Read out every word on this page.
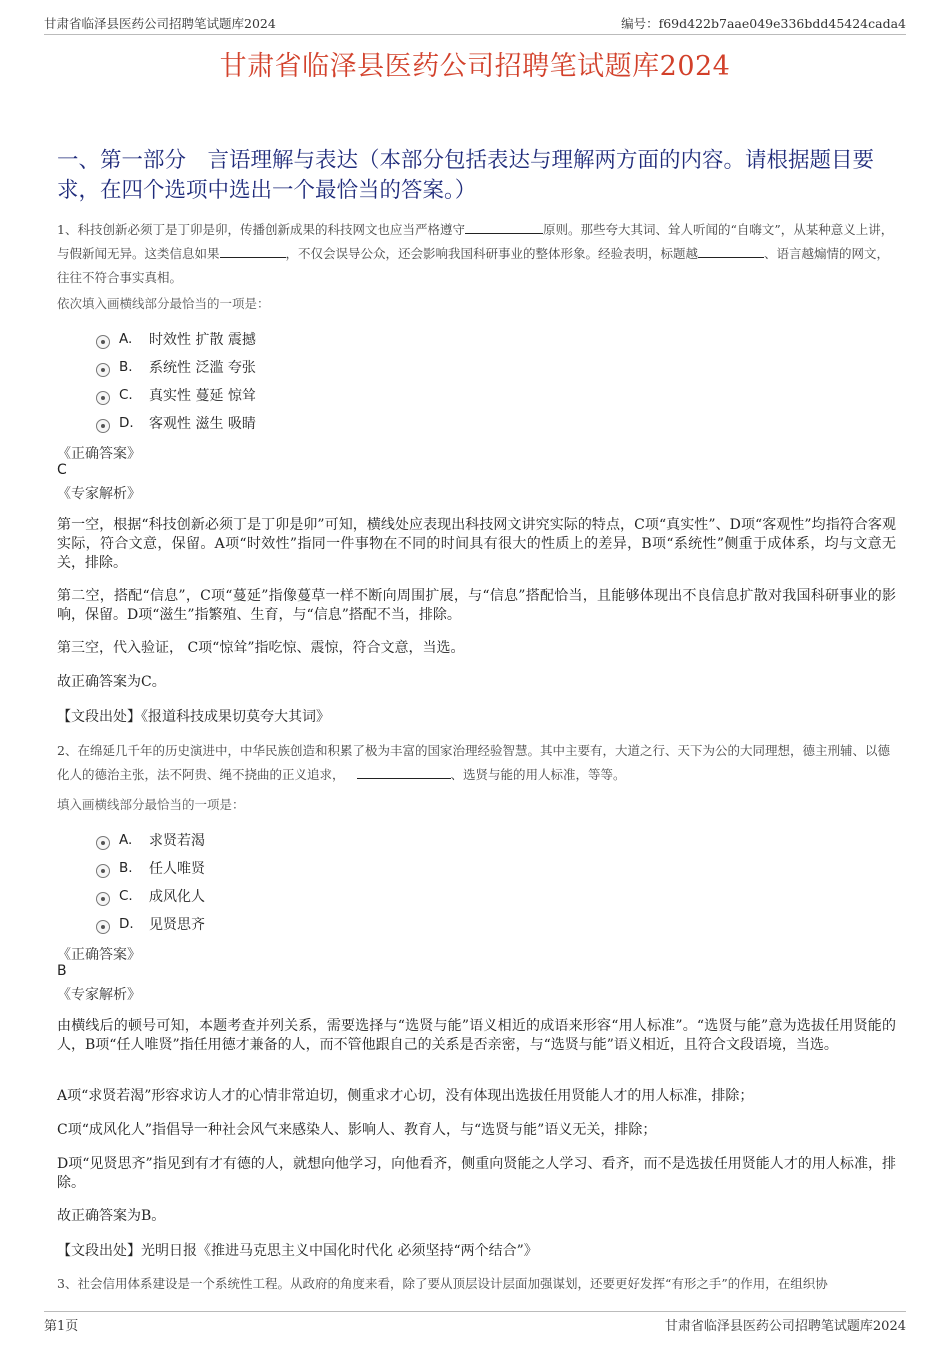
甘肃省临泽县医药公司招聘笔试题库2024	编号：f69d422b7aae049e336bdd45424cada4
甘肃省临泽县医药公司招聘笔试题库2024
一、第一部分　言语理解与表达（本部分包括表达与理解两方面的内容。请根据题目要求，在四个选项中选出一个最恰当的答案。）
1、科技创新必须丁是丁卯是卯，传播创新成果的科技网文也应当严格遵守	原则。那些夸大其词、耸人听闻的“自嗨文”，从某种意义上讲，与假新闻无异。这类信息如果	，不仅会误导公众，还会影响我国科研事业的整体形象。经验表明，标题越	、语言越煽情的网文，往往不符合事实真相。
依次填入画横线部分最恰当的一项是：
A.	时效性 扩散 震撼
B.	系统性 泛滥 夸张
C.	真实性 蔓延 惊耸
D.	客观性 滋生 吸睛
《正确答案》
C
《专家解析》
第一空，根据“科技创新必须丁是丁卯是卯”可知，横线处应表现出科技网文讲究实际的特点，C项“真实性”、D项“客观性”均指符合客观实际，符合文意，保留。A项“时效性”指同一件事物在不同的时间具有很大的性质上的差异，B项“系统性”侧重于成体系，均与文意无关，排除。
第二空，搭配“信息”，C项“蔓延”指像蔓草一样不断向周围扩展，与“信息”搭配恰当，且能够体现出不良信息扩散对我国科研事业的影响，保留。D项“滋生”指繁殖、生育，与“信息”搭配不当，排除。
第三空，代入验证， C项“惊耸”指吃惊、震惊，符合文意，当选。
故正确答案为C。
【文段出处】《报道科技成果切莫夸大其词》
2、在绵延几千年的历史演进中，中华民族创造和积累了极为丰富的国家治理经验智慧。其中主要有，大道之行、天下为公的大同理想，德主刑辅、以德化人的德治主张，法不阿贵、绳不挠曲的正义追求，	、选贤与能的用人标准，等等。
填入画横线部分最恰当的一项是：
A.	求贤若渴
B.	任人唯贤
C.	成风化人
D.	见贤思齐
《正确答案》
B
《专家解析》
由横线后的顿号可知，本题考查并列关系，需要选择与“选贤与能”语义相近的成语来形容“用人标准”。“选贤与能”意为选拔任用贤能的人，B项“任人唯贤”指任用德才兼备的人，而不管他跟自己的关系是否亲密，与“选贤与能”语义相近，且符合文段语境，当选。
A项“求贤若渴”形容求访人才的心情非常迫切，侧重求才心切，没有体现出选拔任用贤能人才的用人标准，排除；
C项“成风化人”指倡导一种社会风气来感染人、影响人、教育人，与“选贤与能”语义无关，排除；
D项“见贤思齐”指见到有才有德的人，就想向他学习，向他看齐，侧重向贤能之人学习、看齐，而不是选拔任用贤能人才的用人标准，排除。
故正确答案为B。
【文段出处】光明日报《推进马克思主义中国化时代化 必须坚持“两个结合”》
3、社会信用体系建设是一个系统性工程。从政府的角度来看，除了要从顶层设计层面加强谋划，还要更好发挥“有形之手”的作用，在组织协
第1页	甘肃省临泽县医药公司招聘笔试题库2024
